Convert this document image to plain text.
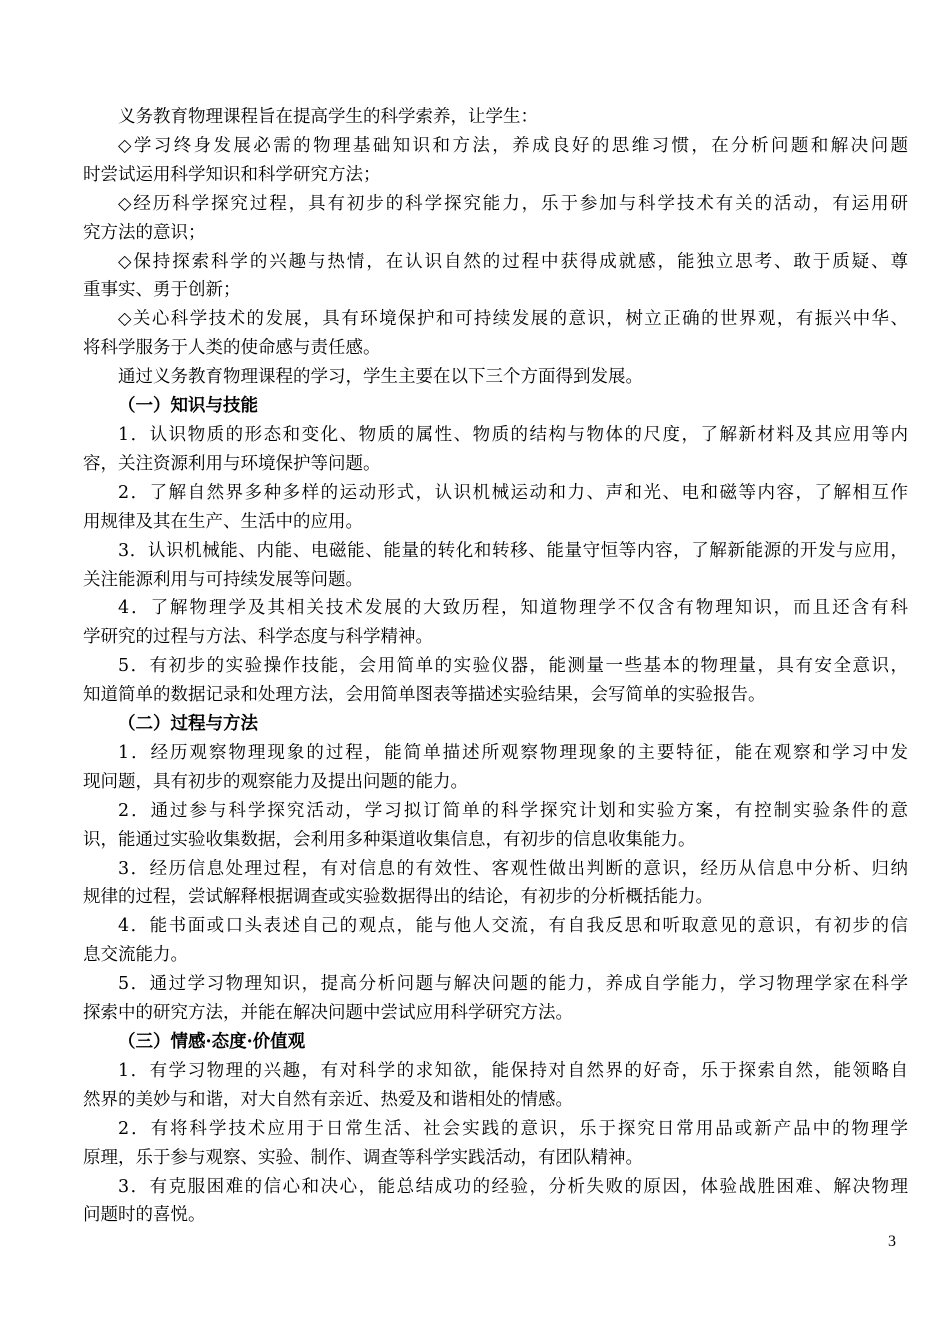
义务教育物理课程旨在提高学生的科学索养，让学生：
◇学习终身发展必需的物理基础知识和方法，养成良好的思维习惯，在分析问题和解决问题
时尝试运用科学知识和科学研究方法；
◇经历科学探究过程，具有初步的科学探究能力，乐于参加与科学技术有关的活动，有运用研
究方法的意识；
◇保持探索科学的兴趣与热情，在认识自然的过程中获得成就感，能独立思考、敢于质疑、尊
重事实、勇于创新；
◇关心科学技术的发展，具有环境保护和可持续发展的意识，树立正确的世界观，有振兴中华、
将科学服务于人类的使命感与责任感。
通过义务教育物理课程的学习，学生主要在以下三个方面得到发展。
（一）知识与技能
1．认识物质的形态和变化、物质的属性、物质的结构与物体的尺度，了解新材料及其应用等内
容，关注资源利用与环境保护等问题。
2．了解自然界多种多样的运动形式，认识机械运动和力、声和光、电和磁等内容，了解相互作
用规律及其在生产、生活中的应用。
3．认识机械能、内能、电磁能、能量的转化和转移、能量守恒等内容，了解新能源的开发与应用，
关注能源利用与可持续发展等问题。
4．了解物理学及其相关技术发展的大致历程，知道物理学不仅含有物理知识，而且还含有科
学研究的过程与方法、科学态度与科学精神。
5．有初步的实验操作技能，会用简单的实验仪器，能测量一些基本的物理量，具有安全意识，
知道简单的数据记录和处理方法，会用简单图表等描述实验结果，会写简单的实验报告。
（二）过程与方法
1．经历观察物理现象的过程，能简单描述所观察物理现象的主要特征，能在观察和学习中发
现问题，具有初步的观察能力及提出问题的能力。
2．通过参与科学探究活动，学习拟订简单的科学探究计划和实验方案，有控制实验条件的意
识，能通过实验收集数据，会利用多种渠道收集信息，有初步的信息收集能力。
3．经历信息处理过程，有对信息的有效性、客观性做出判断的意识，经历从信息中分析、归纳
规律的过程，尝试解释根据调查或实验数据得出的结论，有初步的分析概括能力。
4．能书面或口头表述自己的观点，能与他人交流，有自我反思和听取意见的意识，有初步的信
息交流能力。
5．通过学习物理知识，提高分析问题与解决问题的能力，养成自学能力，学习物理学家在科学
探索中的研究方法，并能在解决问题中尝试应用科学研究方法。
（三）情感·态度·价值观
1．有学习物理的兴趣，有对科学的求知欲，能保持对自然界的好奇，乐于探索自然，能领略自
然界的美妙与和谐，对大自然有亲近、热爱及和谐相处的情感。
2．有将科学技术应用于日常生活、社会实践的意识，乐于探究日常用品或新产品中的物理学
原理，乐于参与观察、实验、制作、调查等科学实践活动，有团队精神。
3．有克服困难的信心和决心，能总结成功的经验，分析失败的原因，体验战胜困难、解决物理
问题时的喜悦。
3
